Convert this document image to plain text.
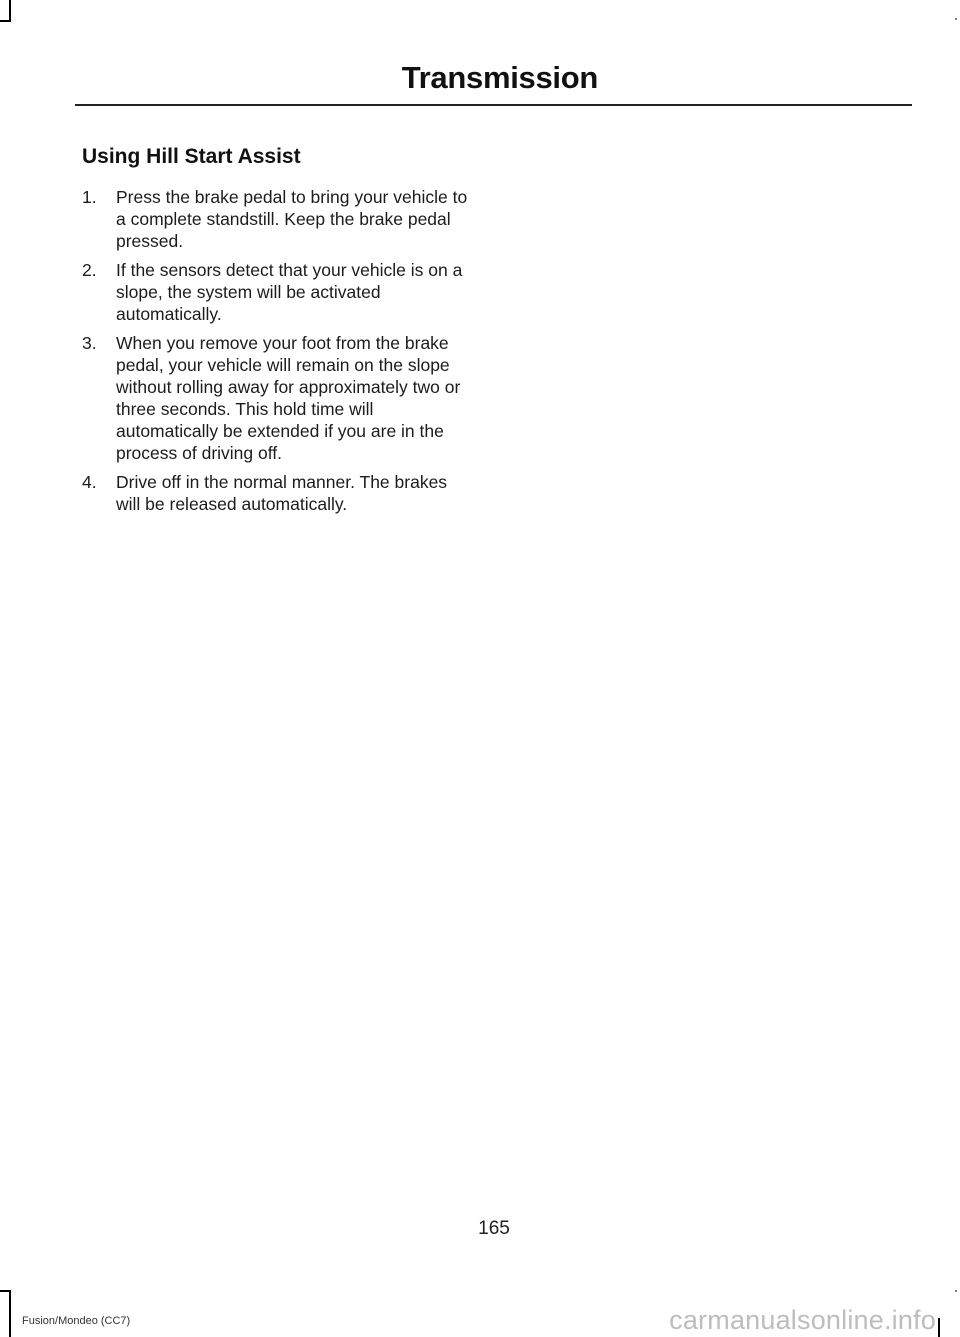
Transmission
Using Hill Start Assist
1. Press the brake pedal to bring your vehicle to a complete standstill. Keep the brake pedal pressed.
2. If the sensors detect that your vehicle is on a slope, the system will be activated automatically.
3. When you remove your foot from the brake pedal, your vehicle will remain on the slope without rolling away for approximately two or three seconds. This hold time will automatically be extended if you are in the process of driving off.
4. Drive off in the normal manner. The brakes will be released automatically.
165
Fusion/Mondeo (CC7)	carmanualsonline.info
